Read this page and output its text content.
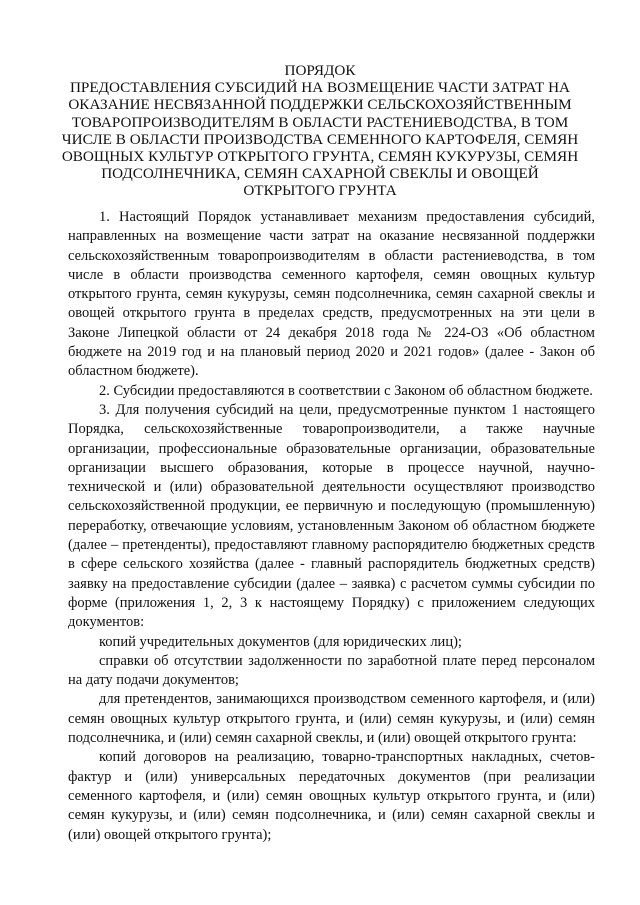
ПОРЯДОК
ПРЕДОСТАВЛЕНИЯ СУБСИДИЙ НА ВОЗМЕЩЕНИЕ ЧАСТИ ЗАТРАТ НА
ОКАЗАНИЕ НЕСВЯЗАННОЙ ПОДДЕРЖКИ СЕЛЬСКОХОЗЯЙСТВЕННЫМ
ТОВАРОПРОИЗВОДИТЕЛЯМ В ОБЛАСТИ РАСТЕНИЕВОДСТВА, В ТОМ
ЧИСЛЕ В ОБЛАСТИ ПРОИЗВОДСТВА СЕМЕННОГО КАРТОФЕЛЯ, СЕМЯН
ОВОЩНЫХ КУЛЬТУР ОТКРЫТОГО ГРУНТА, СЕМЯН КУКУРУЗЫ, СЕМЯН
ПОДСОЛНЕЧНИКА, СЕМЯН САХАРНОЙ СВЕКЛЫ И ОВОЩЕЙ
ОТКРЫТОГО ГРУНТА

1. Настоящий Порядок устанавливает механизм предоставления субсидий, направленных на возмещение части затрат на оказание несвязанной поддержки сельскохозяйственным товаропроизводителям в области растениеводства, в том числе в области производства семенного картофеля, семян овощных культур открытого грунта, семян кукурузы, семян подсолнечника, семян сахарной свеклы и овощей открытого грунта в пределах средств, предусмотренных на эти цели в Законе Липецкой области от 24 декабря 2018 года № 224-ОЗ «Об областном бюджете на 2019 год и на плановый период 2020 и 2021 годов» (далее - Закон об областном бюджете).

2. Субсидии предоставляются в соответствии с Законом об областном бюджете.

3. Для получения субсидий на цели, предусмотренные пунктом 1 настоящего Порядка, сельскохозяйственные товаропроизводители, а также научные организации, профессиональные образовательные организации, образовательные организации высшего образования, которые в процессе научной, научно-технической и (или) образовательной деятельности осуществляют производство сельскохозяйственной продукции, ее первичную и последующую (промышленную) переработку, отвечающие условиям, установленным Законом об областном бюджете (далее – претенденты), предоставляют главному распорядителю бюджетных средств в сфере сельского хозяйства (далее - главный распорядитель бюджетных средств) заявку на предоставление субсидии (далее – заявка) с расчетом суммы субсидии по форме (приложения 1, 2, 3 к настоящему Порядку) с приложением следующих документов:

копий учредительных документов (для юридических лиц);

справки об отсутствии задолженности по заработной плате перед персоналом на дату подачи документов;

для претендентов, занимающихся производством семенного картофеля, и (или) семян овощных культур открытого грунта, и (или) семян кукурузы, и (или) семян подсолнечника, и (или) семян сахарной свеклы, и (или) овощей открытого грунта:

копий договоров на реализацию, товарно-транспортных накладных, счетов-фактур и (или) универсальных передаточных документов (при реализации семенного картофеля, и (или) семян овощных культур открытого грунта, и (или) семян кукурузы, и (или) семян подсолнечника, и (или) семян сахарной свеклы и (или) овощей открытого грунта);
